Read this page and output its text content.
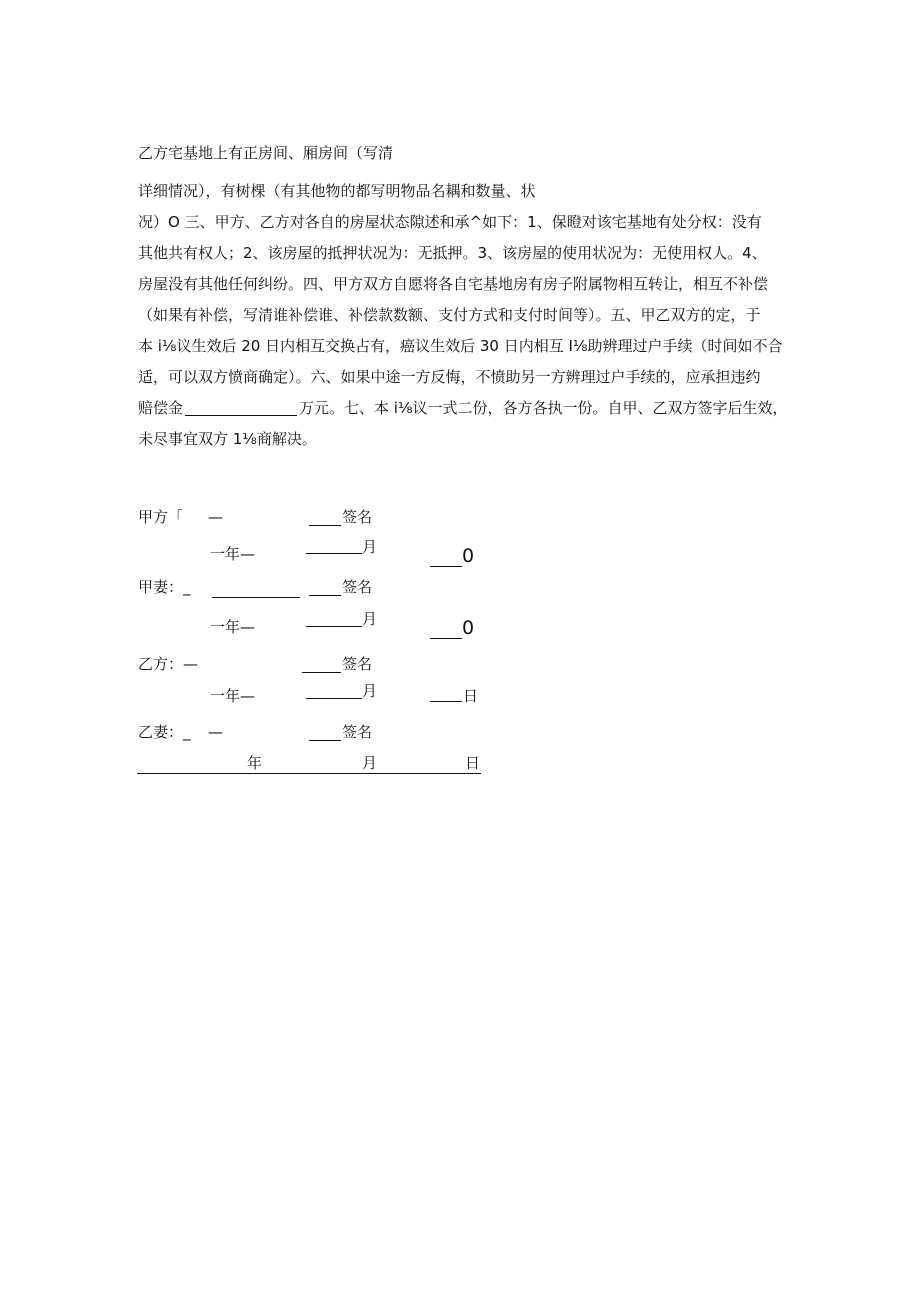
乙方宅基地上有正房间、厢房间（写清
详细情况），有树棵（有其他物的都写明物品名耦和数量、状
况）O 三、甲方、乙方对各自的房屋状态隙述和承^如下：1、保瞪对该宅基地有处分权：没有
其他共有权人；2、该房屋的抵押状况为：无抵押。3、该房屋的使用状况为：无使用权人。4、
房屋没有其他任何纠纷。四、甲方双方自愿将各自宅基地房有房子附属物相互转让，相互不补偿
（如果有补偿，写清谁补偿谁、补偿款数额、支付方式和支付时间等）。五、甲乙双方的定，于
本 i⅛议生效后 20 日内相互交换占有，癌议生效后 30 日内相互 I⅛助辨理过户手续（时间如不合
适，可以双方愤商确定）。六、如果中途一方反悔，不愤助另一方辨理过户手续的，应承担违约
赔偿金	万元。七、本 i⅛议一式二份，各方各执一份。自甲、乙双方签字后生效，
未尽事宜双方 1⅛商解决。
甲方「 —	签名
一年—	月	0
甲妻：_	签名
一年—	月	0
乙方：—	签名
一年—	月	日
乙妻：_ —	签名
年	月	日
